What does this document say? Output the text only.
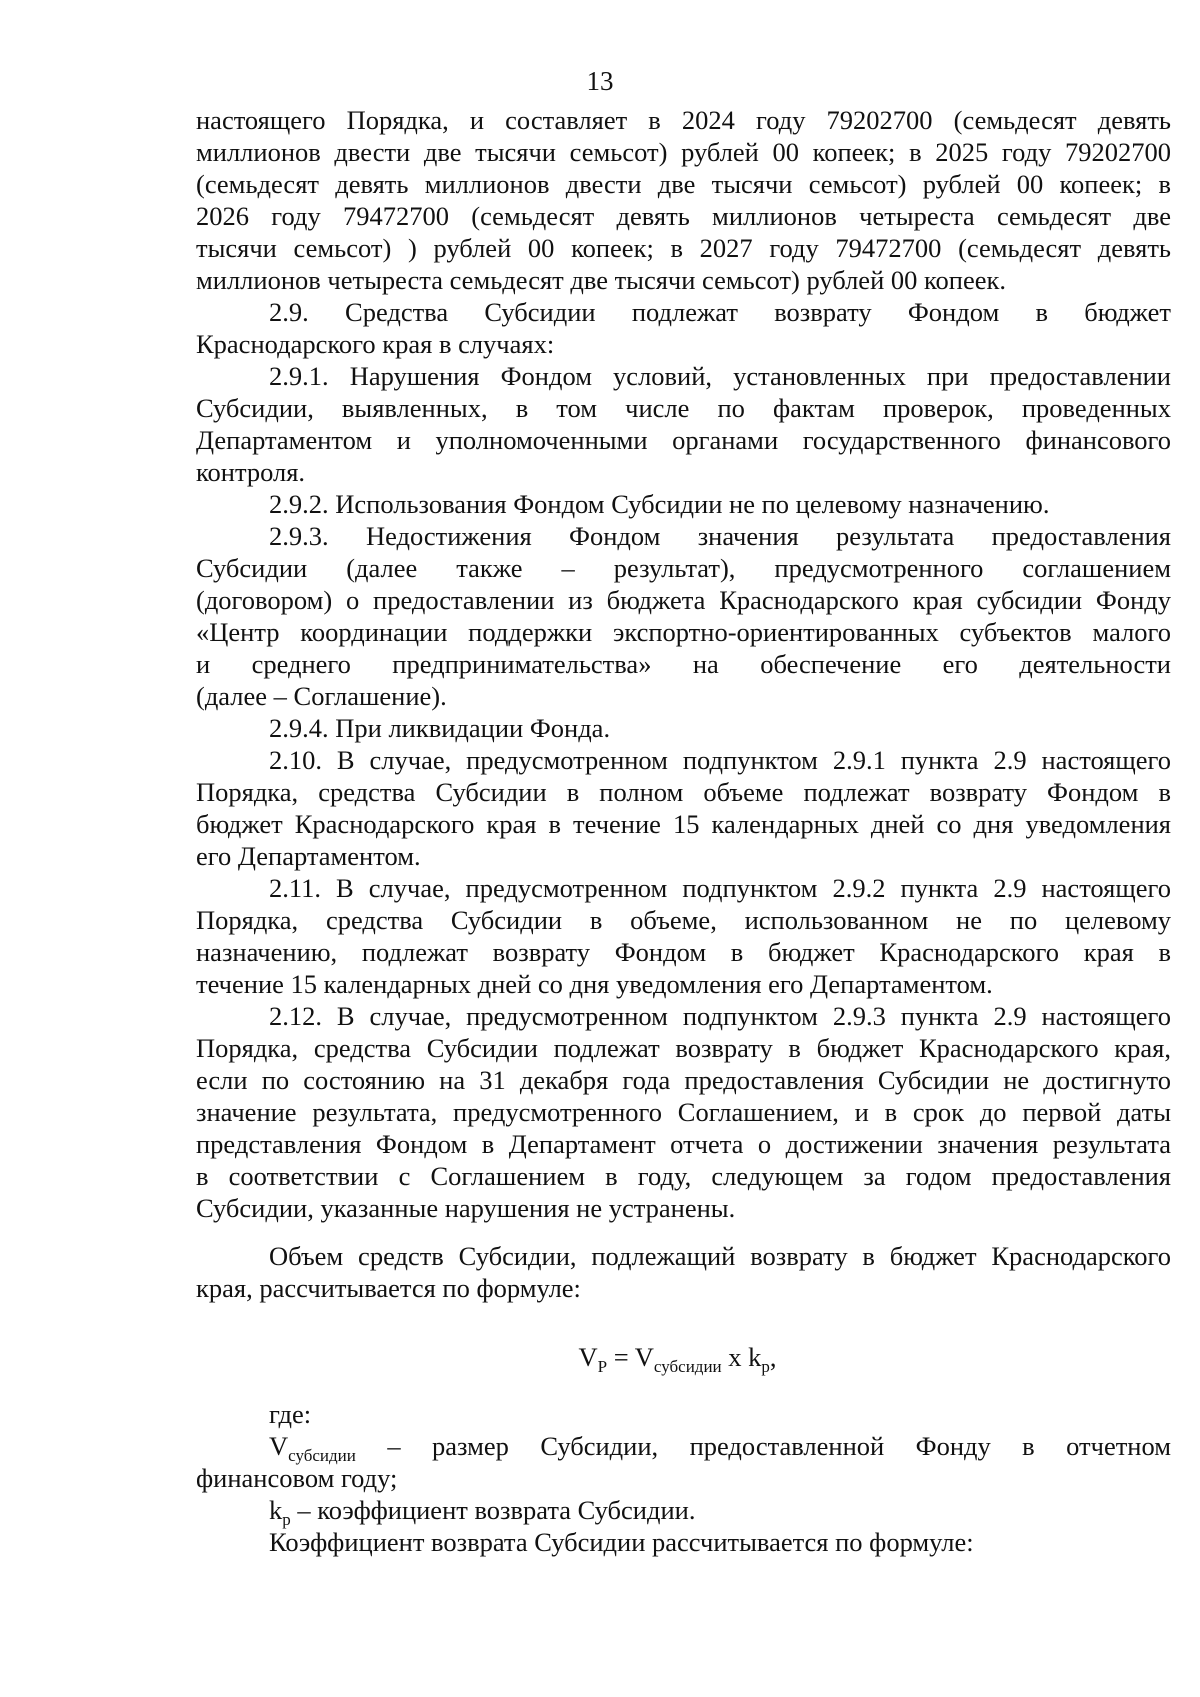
13
настоящего Порядка, и составляет в 2024 году 79202700 (семьдесят девять
миллионов двести две тысячи семьсот) рублей 00 копеек; в 2025 году 79202700
(семьдесят девять миллионов двести две тысячи семьсот) рублей 00 копеек; в
2026 году 79472700 (семьдесят девять миллионов четыреста семьдесят две
тысячи семьсот) ) рублей 00 копеек; в 2027 году 79472700 (семьдесят девять
миллионов четыреста семьдесят две тысячи семьсот) рублей 00 копеек.
2.9. Средства Субсидии подлежат возврату Фондом в бюджет
Краснодарского края в случаях:
2.9.1. Нарушения Фондом условий, установленных при предоставлении
Субсидии, выявленных, в том числе по фактам проверок, проведенных
Департаментом и уполномоченными органами государственного финансового
контроля.
2.9.2. Использования Фондом Субсидии не по целевому назначению.
2.9.3. Недостижения Фондом значения результата предоставления
Субсидии (далее также – результат), предусмотренного соглашением
(договором) о предоставлении из бюджета Краснодарского края субсидии Фонду
«Центр координации поддержки экспортно-ориентированных субъектов малого
и среднего предпринимательства» на обеспечение его деятельности
(далее – Соглашение).
2.9.4. При ликвидации Фонда.
2.10. В случае, предусмотренном подпунктом 2.9.1 пункта 2.9 настоящего
Порядка, средства Субсидии в полном объеме подлежат возврату Фондом в
бюджет Краснодарского края в течение 15 календарных дней со дня уведомления
его Департаментом.
2.11. В случае, предусмотренном подпунктом 2.9.2 пункта 2.9 настоящего
Порядка, средства Субсидии в объеме, использованном не по целевому
назначению, подлежат возврату Фондом в бюджет Краснодарского края в
течение 15 календарных дней со дня уведомления его Департаментом.
2.12. В случае, предусмотренном подпунктом 2.9.3 пункта 2.9 настоящего
Порядка, средства Субсидии подлежат возврату в бюджет Краснодарского края,
если по состоянию на 31 декабря года предоставления Субсидии не достигнуто
значение результата, предусмотренного Соглашением, и в срок до первой даты
представления Фондом в Департамент отчета о достижении значения результата
в соответствии с Соглашением в году, следующем за годом предоставления
Субсидии, указанные нарушения не устранены.
Объем средств Субсидии, подлежащий возврату в бюджет Краснодарского
края, рассчитывается по формуле:
$V_P = V_{субсидии}$ x $k_p$,
где:
$V_{субсидии}$ – размер Субсидии, предоставленной Фонду в отчетном
финансовом году;
$k_р$ – коэффициент возврата Субсидии.
Коэффициент возврата Субсидии рассчитывается по формуле:
